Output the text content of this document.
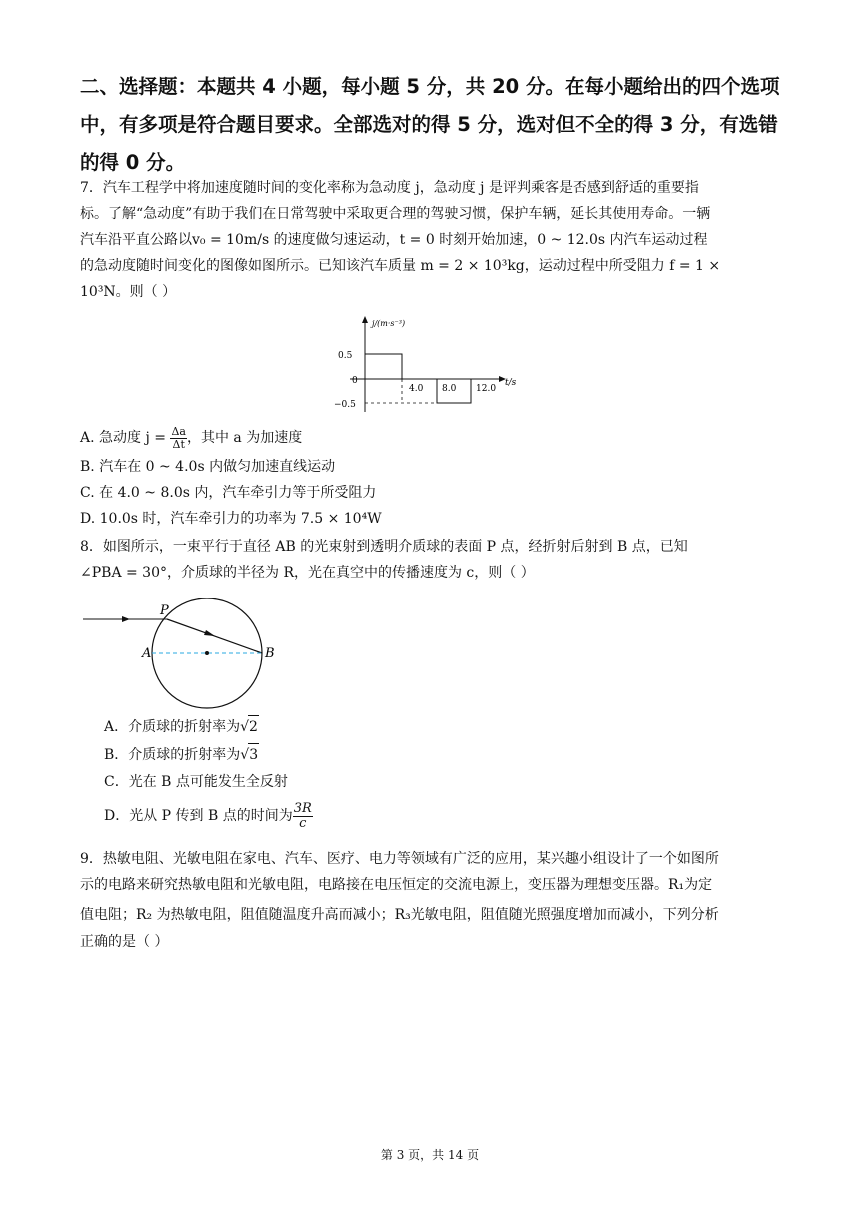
二、选择题：本题共 4 小题，每小题 5 分，共 20 分。在每小题给出的四个选项中，有多项是符合题目要求。全部选对的得 5 分，选对但不全的得 3 分，有选错的得 0 分。
7．汽车工程学中将加速度随时间的变化率称为急动度 j，急动度 j 是评判乘客是否感到舒适的重要指
标。了解“急动度”有助于我们在日常驾驶中采取更合理的驾驶习惯，保护车辆，延长其使用寿命。一辆
汽车沿平直公路以v₀ = 10m/s 的速度做匀速运动，t = 0 时刻开始加速，0 ~ 12.0s 内汽车运动过程
的急动度随时间变化的图像如图所示。已知该汽车质量 m = 2 × 10³kg，运动过程中所受阻力 f = 1 ×
10³N。则（ ）
j/(m·s⁻³)
t/s
0.5
0
−0.5
4.0 8.0 12.0
A. 急动度 $j = \frac{\Delta a}{\Delta t}$ ，其中 a 为加速度
B. 汽车在 0 ~ 4.0s 内做匀加速直线运动
C. 在 4.0 ~ 8.0s 内，汽车牵引力等于所受阻力
D. 10.0s 时，汽车牵引力的功率为 7.5 × 10⁴W
8．如图所示，一束平行于直径 AB 的光束射到透明介质球的表面 P 点，经折射后射到 B 点，已知
∠PBA = 30°，介质球的半径为 R，光在真空中的传播速度为 c，则（ ）
P
A	B
A．介质球的折射率为√2
B．介质球的折射率为√3
C．光在 B 点可能发生全反射
D．光从 P 传到 B 点的时间为 $\frac{3R}{c}$
9．热敏电阻、光敏电阻在家电、汽车、医疗、电力等领域有广泛的应用，某兴趣小组设计了一个如图所
示的电路来研究热敏电阻和光敏电阻，电路接在电压恒定的交流电源上，变压器为理想变压器。R₁为定
值电阻；R₂ 为热敏电阻，阻值随温度升高而减小；R₃光敏电阻，阻值随光照强度增加而减小，下列分析
正确的是（ ）
第 3 页，共 14 页
